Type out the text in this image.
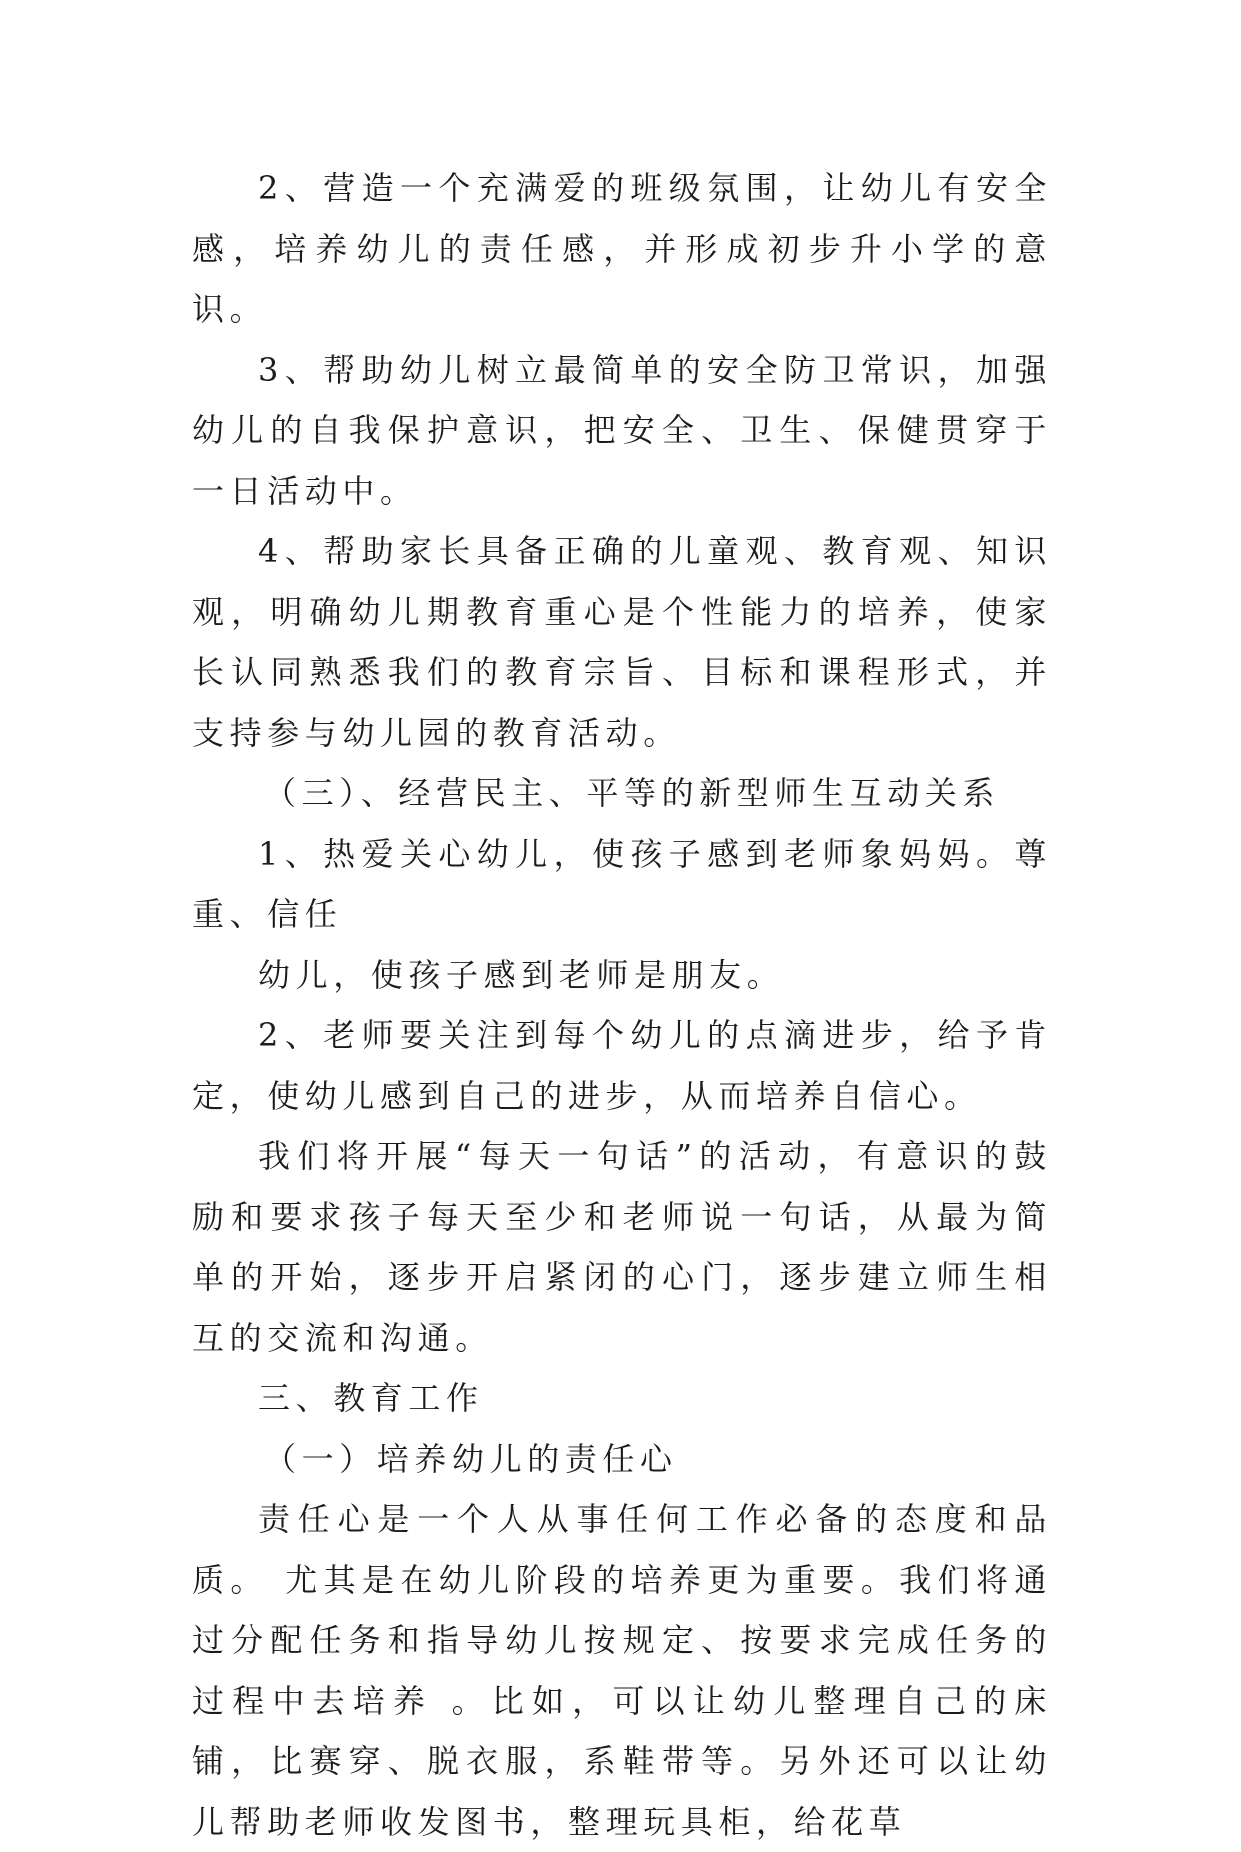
2、营造一个充满爱的班级氛围，让幼儿有安全感，培养幼儿的责任感，并形成初步升小学的意识。

3、帮助幼儿树立最简单的安全防卫常识，加强幼儿的自我保护意识，把安全、卫生、保健贯穿于一日活动中。

4、帮助家长具备正确的儿童观、教育观、知识观，明确幼儿期教育重心是个性能力的培养，使家长认同熟悉我们的教育宗旨、目标和课程形式，并支持参与幼儿园的教育活动。

（三）、经营民主、平等的新型师生互动关系

1、热爱关心幼儿，使孩子感到老师象妈妈。尊重、信任

幼儿，使孩子感到老师是朋友。

2、老师要关注到每个幼儿的点滴进步，给予肯定，使幼儿感到自己的进步，从而培养自信心。

我们将开展“每天一句话”的活动，有意识的鼓励和要求孩子每天至少和老师说一句话，从最为简单的开始，逐步开启紧闭的心门，逐步建立师生相互的交流和沟通。

三、教育工作

（一）培养幼儿的责任心

责任心是一个人从事任何工作必备的态度和品质。 尤其是在幼儿阶段的培养更为重要。我们将通过分配任务和指导幼儿按规定、按要求完成任务的过程中去培养 。比如，可以让幼儿整理自己的床铺，比赛穿、脱衣服，系鞋带等。另外还可以让幼儿帮助老师收发图书，整理玩具柜，给花草
